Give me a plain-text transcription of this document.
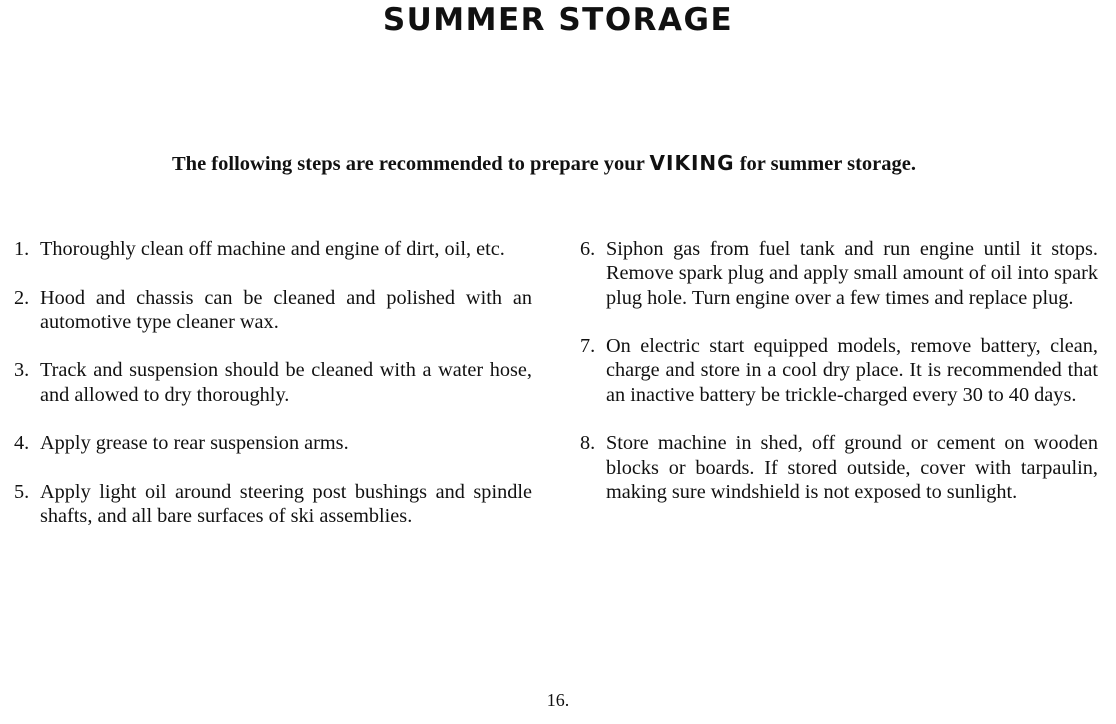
SUMMER STORAGE

The following steps are recommended to prepare your VIKING for summer storage.

1. Thoroughly clean off machine and engine of dirt, oil, etc.
2. Hood and chassis can be cleaned and polished with an automotive type cleaner wax.
3. Track and suspension should be cleaned with a water hose, and allowed to dry thoroughly.
4. Apply grease to rear suspension arms.
5. Apply light oil around steering post bushings and spindle shafts, and all bare surfaces of ski assemblies.
6. Siphon gas from fuel tank and run engine until it stops. Remove spark plug and apply small amount of oil into spark plug hole. Turn engine over a few times and replace plug.
7. On electric start equipped models, remove battery, clean, charge and store in a cool dry place. It is recommended that an inactive battery be trickle-charged every 30 to 40 days.
8. Store machine in shed, off ground or cement on wooden blocks or boards. If stored outside, cover with tarpaulin, making sure windshield is not exposed to sunlight.

16.
